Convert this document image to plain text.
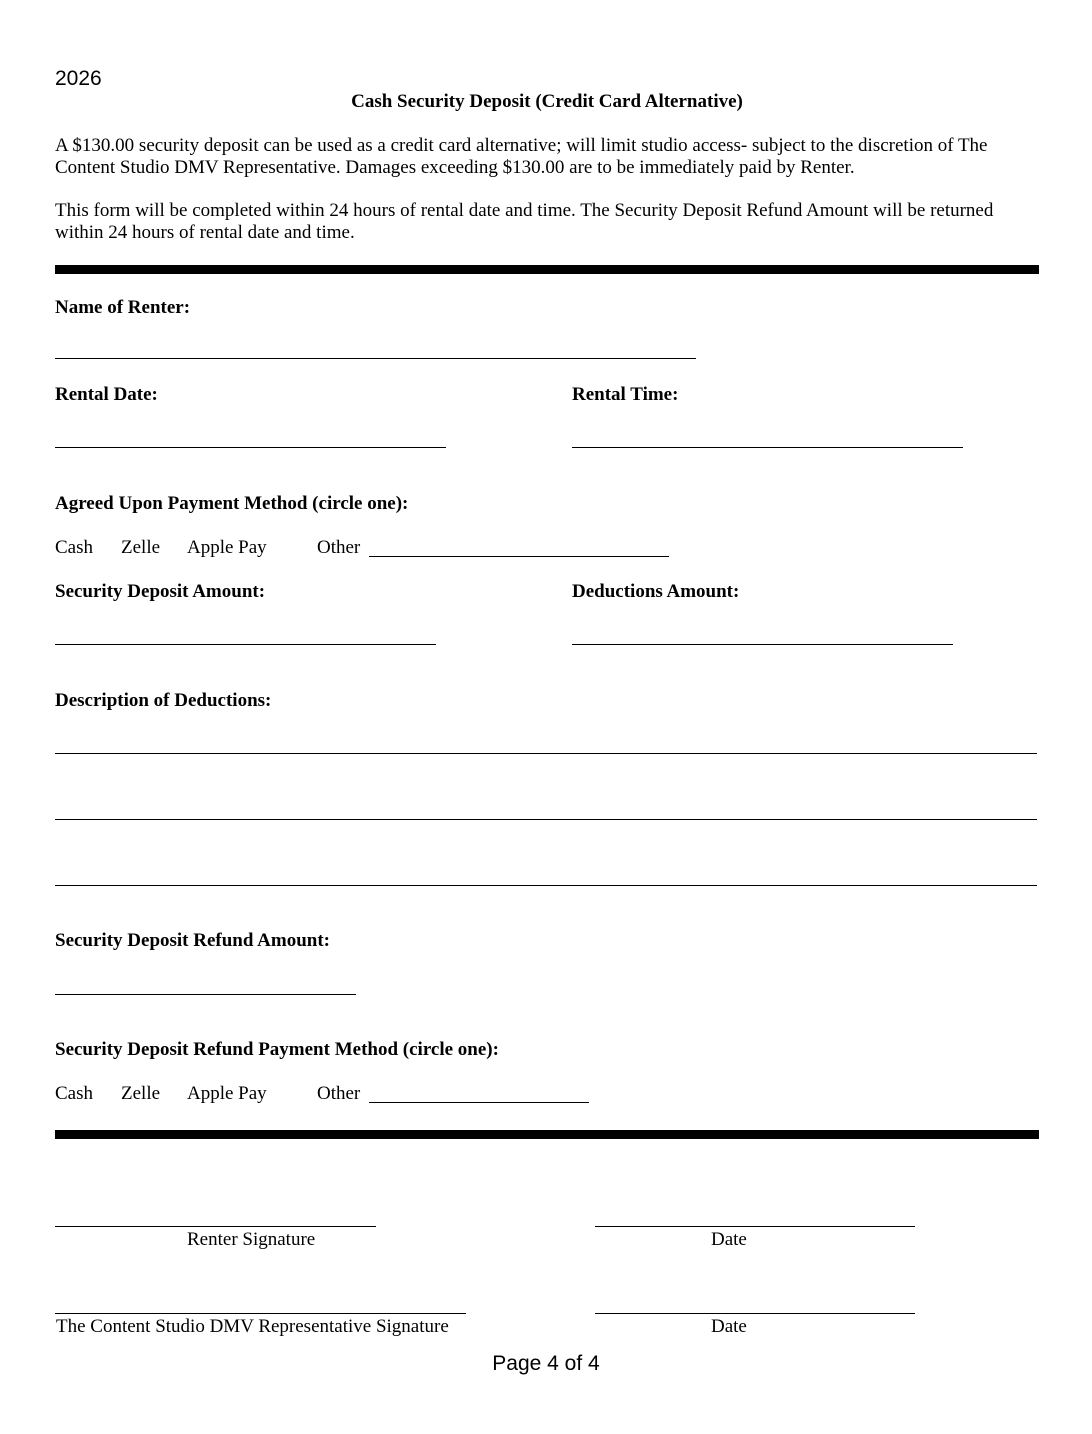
2026
Cash Security Deposit (Credit Card Alternative)
A $130.00 security deposit can be used as a credit card alternative; will limit studio access- subject to the discretion of The Content Studio DMV Representative. Damages exceeding $130.00 are to be immediately paid by Renter.
This form will be completed within 24 hours of rental date and time. The Security Deposit Refund Amount will be returned within 24 hours of rental date and time.
Name of Renter:
Rental Date:	Rental Time:
Agreed Upon Payment Method (circle one):
Cash Zelle Apple Pay	Other
Security Deposit Amount:	Deductions Amount:
Description of Deductions:
Security Deposit Refund Amount:
Security Deposit Refund Payment Method (circle one):
Cash Zelle Apple Pay	Other
Renter Signature	Date
The Content Studio DMV Representative Signature	Date
Page 4 of 4
